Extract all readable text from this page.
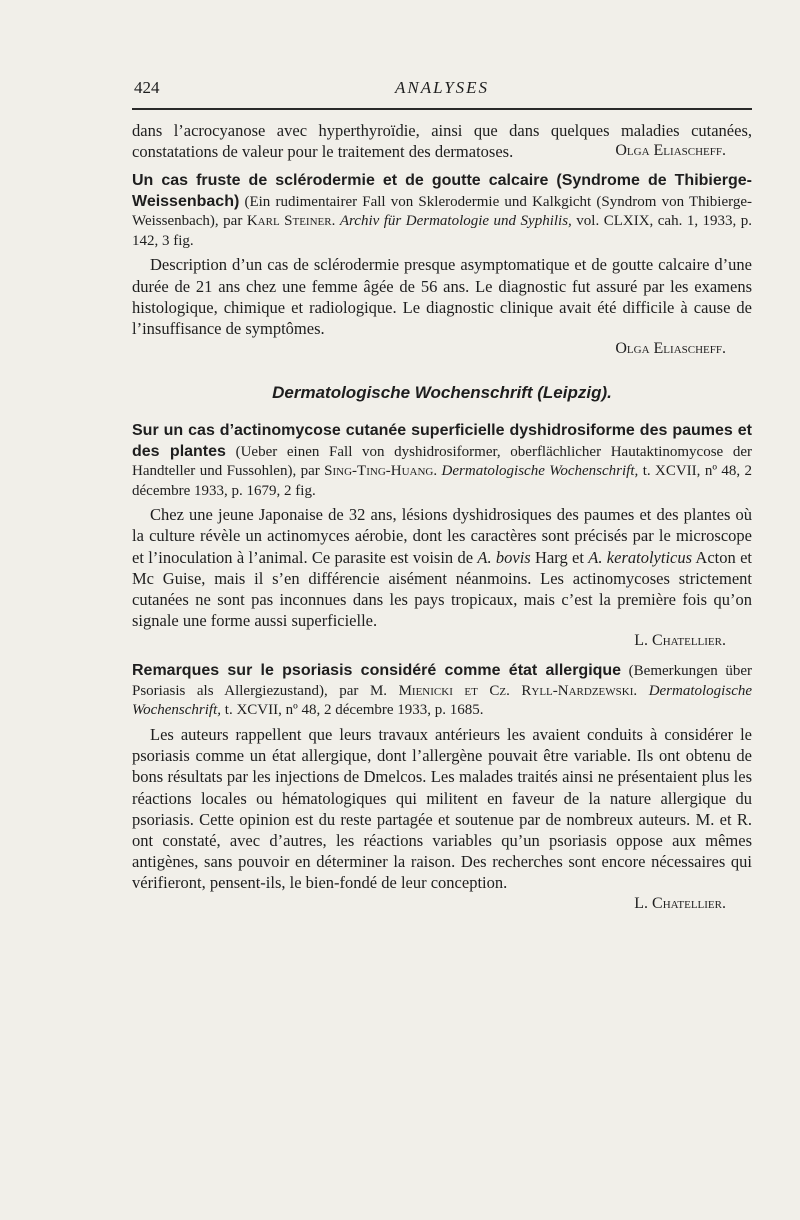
424	ANALYSES

dans l’acrocyanose avec hyperthyroïdie, ainsi que dans quelques maladies cutanées, constatations de valeur pour le traitement des dermatoses.	Olga Eliascheff.

Un cas fruste de sclérodermie et de goutte calcaire (Syndrome de Thibierge-Weissenbach) (Ein rudimentairer Fall von Sklerodermie und Kalkgicht (Syndrom von Thibierge-Weissenbach), par Karl Steiner. Archiv für Dermatologie und Syphilis, vol. CLXIX, cah. 1, 1933, p. 142, 3 fig.

Description d’un cas de sclérodermie presque asymptomatique et de goutte calcaire d’une durée de 21 ans chez une femme âgée de 56 ans. Le diagnostic fut assuré par les examens histologique, chimique et radiologique. Le diagnostic clinique avait été difficile à cause de l’insuffisance de symptômes.

Olga Eliascheff.
Dermatologische Wochenschrift (Leipzig).

Sur un cas d’actinomycose cutanée superficielle dyshidrosiforme des paumes et des plantes (Ueber einen Fall von dyshidrosiformer, oberflächlicher Hautaktinomycose der Handteller und Fussohlen), par Sing-Ting-Huang. Dermatologische Wochenschrift, t. XCVII, nº 48, 2 décembre 1933, p. 1679, 2 fig.

Chez une jeune Japonaise de 32 ans, lésions dyshidrosiques des paumes et des plantes où la culture révèle un actinomyces aérobie, dont les caractères sont précisés par le microscope et l’inoculation à l’animal. Ce parasite est voisin de A. bovis Harg et A. keratolyticus Acton et Mc Guise, mais il s’en différencie aisément néanmoins. Les actinomycoses strictement cutanées ne sont pas inconnues dans les pays tropicaux, mais c’est la première fois qu’on signale une forme aussi superficielle.

L. Chatellier.

Remarques sur le psoriasis considéré comme état allergique (Bemerkungen über Psoriasis als Allergiezustand), par M. Mienicki et Cz. Ryll-Nardzewski. Dermatologische Wochenschrift, t. XCVII, nº 48, 2 décembre 1933, p. 1685.

Les auteurs rappellent que leurs travaux antérieurs les avaient conduits à considérer le psoriasis comme un état allergique, dont l’allergène pouvait être variable. Ils ont obtenu de bons résultats par les injections de Dmelcos. Les malades traités ainsi ne présentaient plus les réactions locales ou hématologiques qui militent en faveur de la nature allergique du psoriasis. Cette opinion est du reste partagée et soutenue par de nombreux auteurs. M. et R. ont constaté, avec d’autres, les réactions variables qu’un psoriasis oppose aux mêmes antigènes, sans pouvoir en déterminer la raison. Des recherches sont encore nécessaires qui vérifieront, pensent-ils, le bien-fondé de leur conception.

L. Chatellier.
